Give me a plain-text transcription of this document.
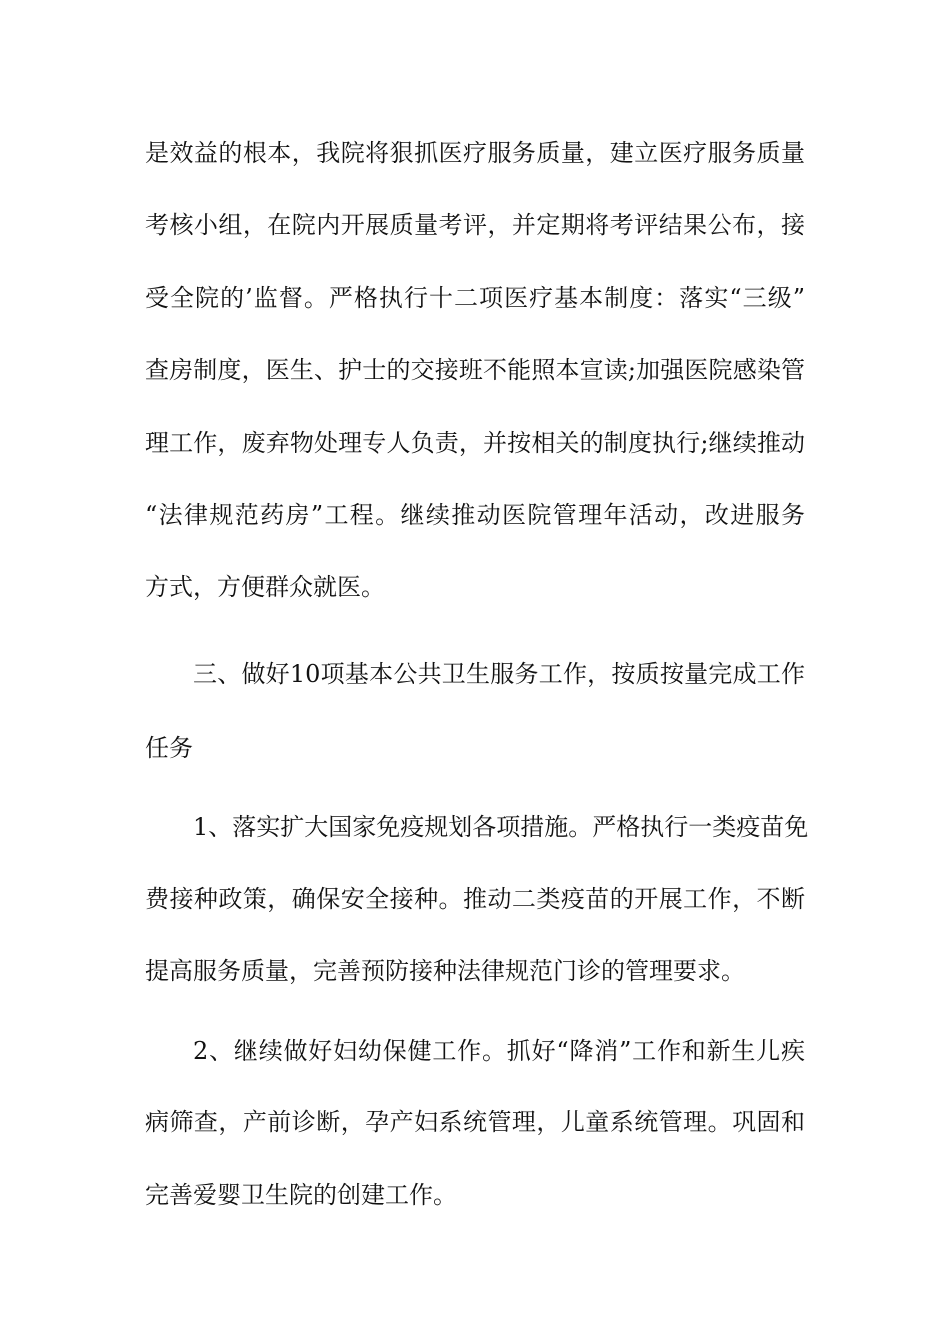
是效益的根本，我院将狠抓医疗服务质量，建立医疗服务质量
考核小组，在院内开展质量考评，并定期将考评结果公布，接
受全院的’监督。严格执行十二项医疗基本制度：落实“三级”
查房制度，医生、护士的交接班不能照本宣读;加强医院感染管
理工作，废弃物处理专人负责，并按相关的制度执行;继续推动
“法律规范药房”工程。继续推动医院管理年活动，改进服务
方式，方便群众就医。
三、做好10项基本公共卫生服务工作，按质按量完成工作
任务
1、落实扩大国家免疫规划各项措施。严格执行一类疫苗免
费接种政策，确保安全接种。推动二类疫苗的开展工作，不断
提高服务质量，完善预防接种法律规范门诊的管理要求。
2、继续做好妇幼保健工作。抓好“降消”工作和新生儿疾
病筛查，产前诊断，孕产妇系统管理，儿童系统管理。巩固和
完善爱婴卫生院的创建工作。
